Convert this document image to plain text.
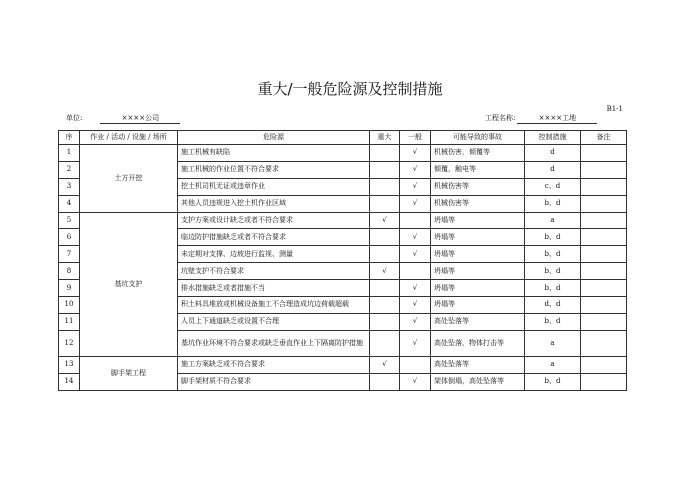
重大/一般危险源及控制措施
B1-1
单位:	××××公司	工程名称:	××××工地
序	作业 / 活动 / 设施 / 场所	危险源	重大	一般	可能导致的事故	控制措施	备注
1	土方开挖	施工机械有缺陷		√	机械伤害，倾覆等	d	
2		施工机械的作业位置不符合要求		√	倾覆，触电等	d	
3		挖土机司机无证或违章作业		√	机械伤害等	c、d	
4		其他人员违规进入挖土机作业区域		√	机械伤害等	b、d	
5	基坑支护	支护方案或设计缺乏或者不符合要求	√		坍塌等	a	
6		临边防护措施缺乏或者不符合要求		√	坍塌等	b、d	
7		未定期对支撑、边坡进行监视、测量		√	坍塌等	b、d	
8		坑壁支护不符合要求	√		坍塌等	b、d	
9		排水措施缺乏或者措施不当		√	坍塌等	b、d	
10		积土料具堆放或机械设备施工不合理造成坑边荷载超载		√	坍塌等	d、d	
11		人员上下通道缺乏或设置不合理		√	高处坠落等	b、d	
12		基坑作业环境不符合要求或缺乏垂直作业上下隔离防护措施		√	高处坠落，物体打击等	a	
13	脚手架工程	施工方案缺乏或不符合要求	√		高处坠落等	a	
14		脚手架材质不符合要求		√	架体倒塌，高处坠落等	b、d	
